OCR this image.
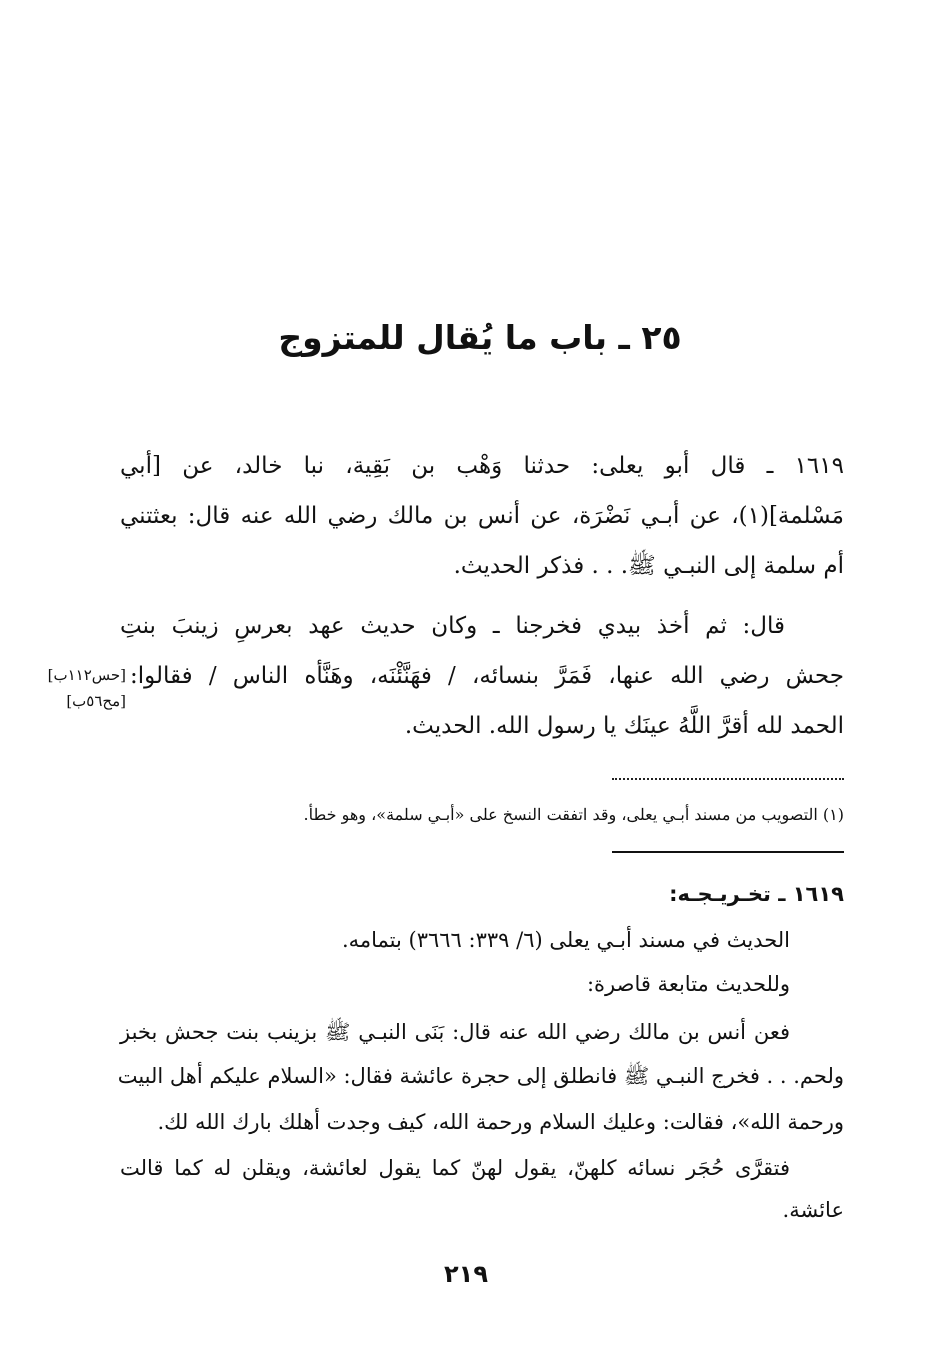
٢٥ ـ باب ما يُقال للمتزوج
١٦١٩ ـ قال أبو يعلى: حدثنا وَهْب بن بَقِية، نبا خالد، عن [أبي
مَسْلمة](١)، عن أبـي نَضْرَة، عن أنس بن مالك رضي الله عنه قال: بعثتني
أم سلمة إلى النبـي ﷺ. . . فذكر الحديث.
قال: ثم أخذ بيدي فخرجنا ـ وكان حديث عهد بعرسِ زينبَ بنتِ
جحش رضي الله عنها، فَمَرَّ بنسائه، / فهَنَّئْنَه، وهَنَّأه الناس / فقالوا:
الحمد لله أقرَّ اللَّهُ عينَك يا رسول الله. الحديث.
[حس١١٢ب]
[مح٥٦ب]
(١) التصويب من مسند أبـي يعلى، وقد اتفقت النسخ على «أبـي سلمة»، وهو خطأ.
١٦١٩ ـ تخـريـجـه:
الحديث في مسند أبـي يعلى (٦/ ٣٣٩: ٣٦٦٦) بتمامه.
وللحديث متابعة قاصرة:
فعن أنس بن مالك رضي الله عنه قال: بَنَى النبـي ﷺ بزينب بنت جحش بخبز
ولحم. . . فخرج النبـي ﷺ فانطلق إلى حجرة عائشة فقال: «السلام عليكم أهل البيت
ورحمة الله»، فقالت: وعليك السلام ورحمة الله، كيف وجدت أهلك بارك الله لك.
فتقرَّى حُجَر نسائه كلهنّ، يقول لهنّ كما يقول لعائشة، ويقلن له كما قالت
عائشة.
٢١٩
